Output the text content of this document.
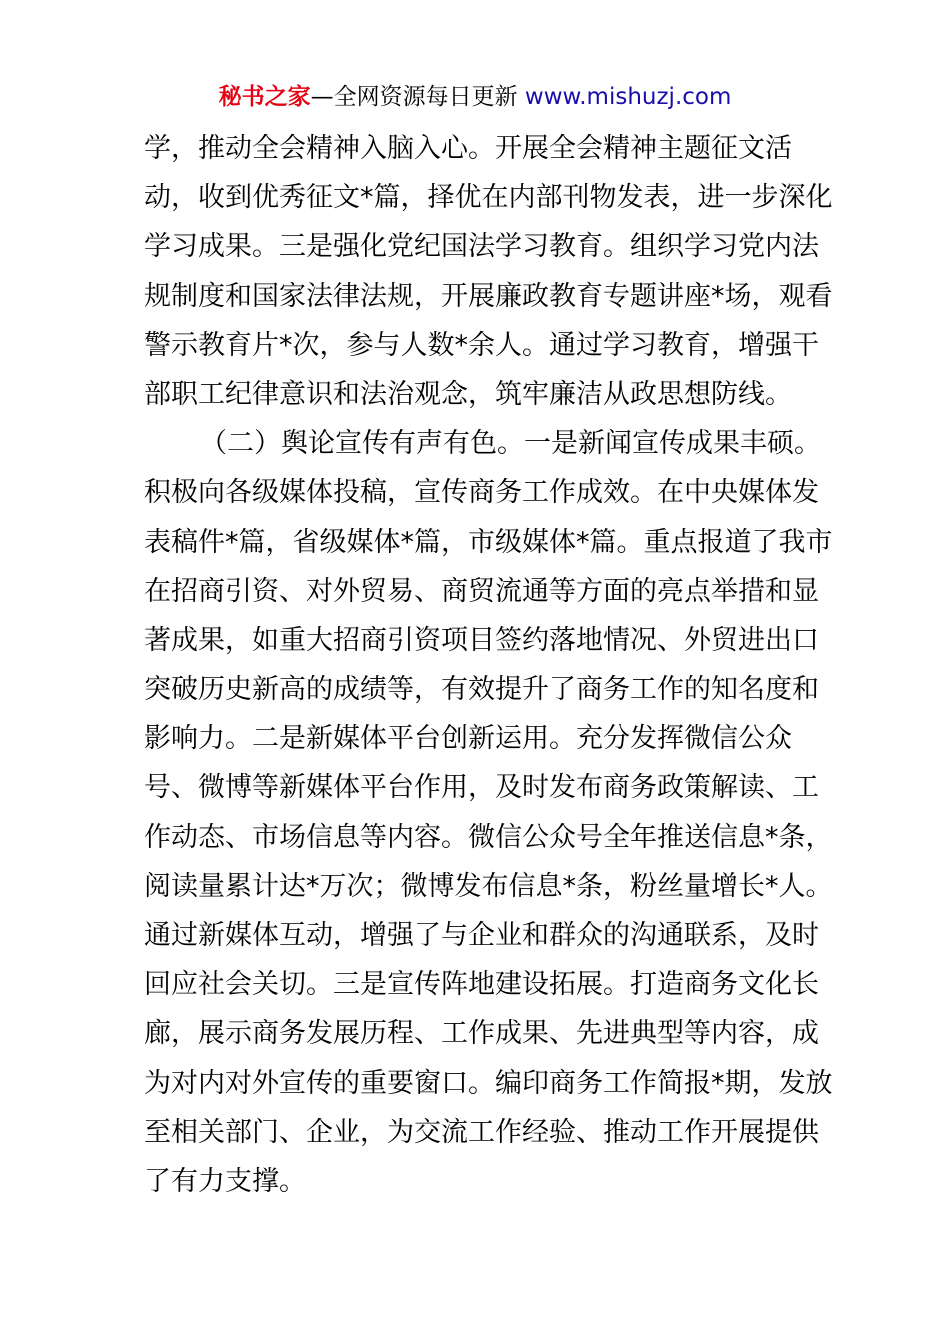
秘书之家—全网资源每日更新 www.mishuzj.com
学，推动全会精神入脑入心。开展全会精神主题征文活
动，收到优秀征文*篇，择优在内部刊物发表，进一步深化
学习成果。三是强化党纪国法学习教育。组织学习党内法
规制度和国家法律法规，开展廉政教育专题讲座*场，观看
警示教育片*次，参与人数*余人。通过学习教育，增强干
部职工纪律意识和法治观念，筑牢廉洁从政思想防线。
（二）舆论宣传有声有色。一是新闻宣传成果丰硕。
积极向各级媒体投稿，宣传商务工作成效。在中央媒体发
表稿件*篇，省级媒体*篇，市级媒体*篇。重点报道了我市
在招商引资、对外贸易、商贸流通等方面的亮点举措和显
著成果，如重大招商引资项目签约落地情况、外贸进出口
突破历史新高的成绩等，有效提升了商务工作的知名度和
影响力。二是新媒体平台创新运用。充分发挥微信公众
号、微博等新媒体平台作用，及时发布商务政策解读、工
作动态、市场信息等内容。微信公众号全年推送信息*条，
阅读量累计达*万次；微博发布信息*条，粉丝量增长*人。
通过新媒体互动，增强了与企业和群众的沟通联系，及时
回应社会关切。三是宣传阵地建设拓展。打造商务文化长
廊，展示商务发展历程、工作成果、先进典型等内容，成
为对内对外宣传的重要窗口。编印商务工作简报*期，发放
至相关部门、企业，为交流工作经验、推动工作开展提供
了有力支撑。
